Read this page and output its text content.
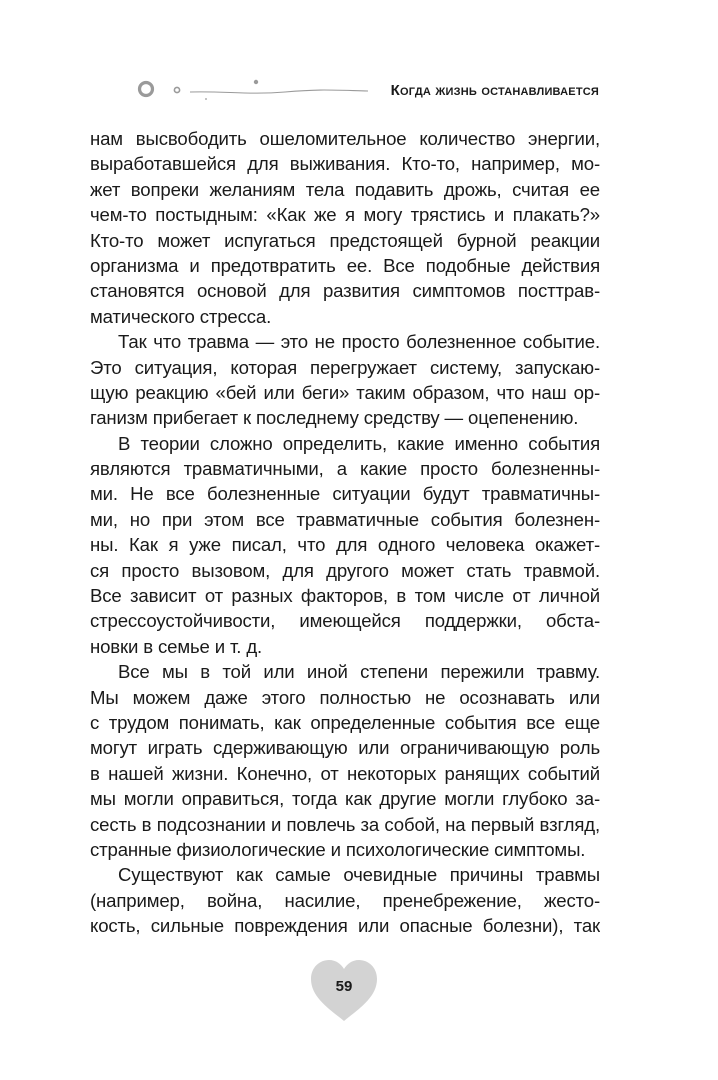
Когда жизнь останавливается
нам высвободить ошеломительное количество энергии,
выработавшейся для выживания. Кто-то, например, мо-
жет вопреки желаниям тела подавить дрожь, считая ее
чем-то постыдным: «Как же я могу трястись и плакать?»
Кто-то может испугаться предстоящей бурной реакции
организма и предотвратить ее. Все подобные действия
становятся основой для развития симптомов посттрав-
матического стресса.
Так что травма — это не просто болезненное событие.
Это ситуация, которая перегружает систему, запускаю-
щую реакцию «бей или беги» таким образом, что наш ор-
ганизм прибегает к последнему средству — оцепенению.
В теории сложно определить, какие именно события
являются травматичными, а какие просто болезненны-
ми. Не все болезненные ситуации будут травматичны-
ми, но при этом все травматичные события болезнен-
ны. Как я уже писал, что для одного человека окажет-
ся просто вызовом, для другого может стать травмой.
Все зависит от разных факторов, в том числе от личной
стрессоустойчивости, имеющейся поддержки, обста-
новки в семье и т. д.
Все мы в той или иной степени пережили травму.
Мы можем даже этого полностью не осознавать или
с трудом понимать, как определенные события все еще
могут играть сдерживающую или ограничивающую роль
в нашей жизни. Конечно, от некоторых ранящих событий
мы могли оправиться, тогда как другие могли глубоко за-
сесть в подсознании и повлечь за собой, на первый взгляд,
странные физиологические и психологические симптомы.
Существуют как самые очевидные причины травмы
(например, война, насилие, пренебрежение, жесто-
кость, сильные повреждения или опасные болезни), так
59
